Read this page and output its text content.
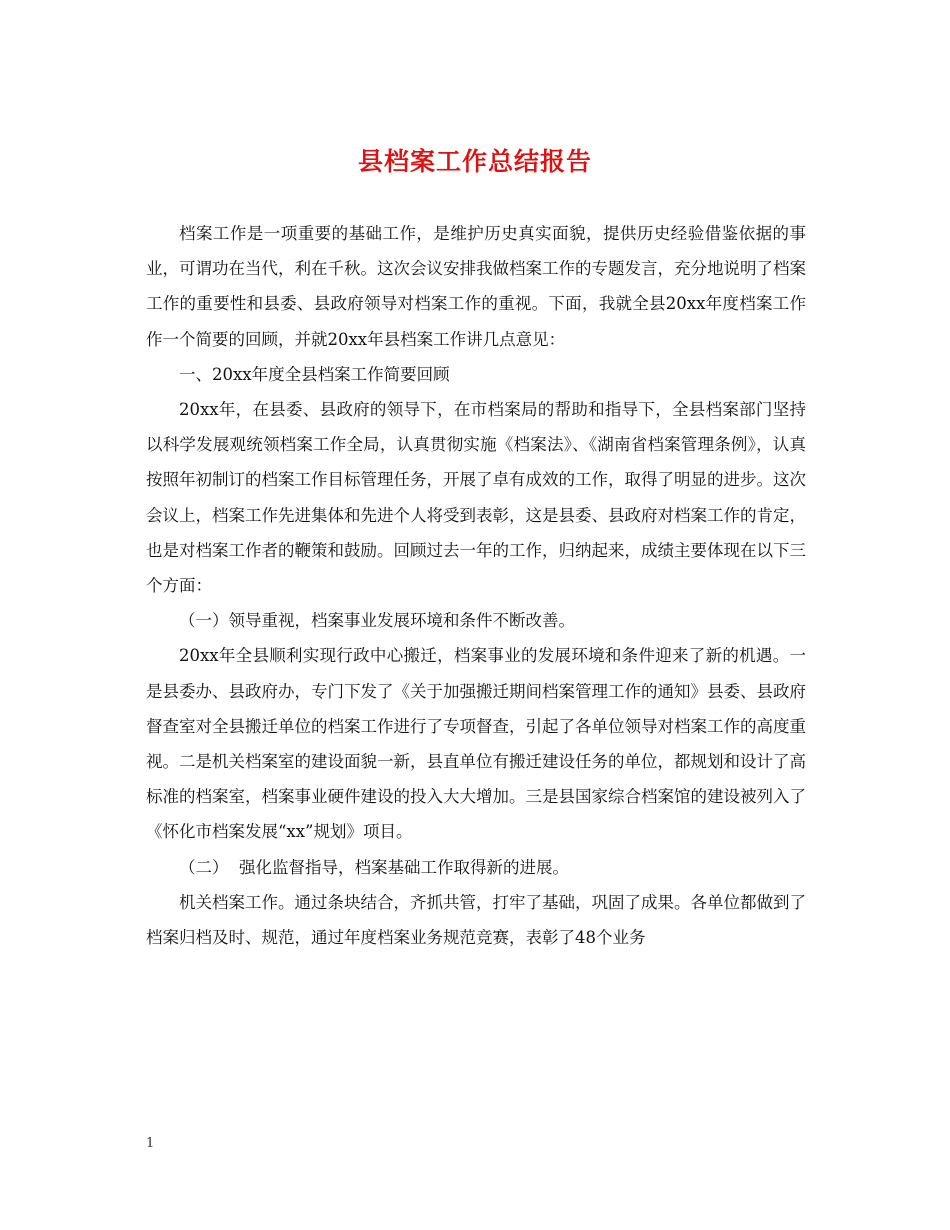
县档案工作总结报告

档案工作是一项重要的基础工作，是维护历史真实面貌，提供历史经验借鉴依据的事业，可谓功在当代，利在千秋。这次会议安排我做档案工作的专题发言，充分地说明了档案工作的重要性和县委、县政府领导对档案工作的重视。下面，我就全县20xx年度档案工作作一个简要的回顾，并就20xx年县档案工作讲几点意见：

一、20xx年度全县档案工作简要回顾

20xx年，在县委、县政府的领导下，在市档案局的帮助和指导下，全县档案部门坚持以科学发展观统领档案工作全局，认真贯彻实施《档案法》、《湖南省档案管理条例》，认真按照年初制订的档案工作目标管理任务，开展了卓有成效的工作，取得了明显的进步。这次会议上，档案工作先进集体和先进个人将受到表彰，这是县委、县政府对档案工作的肯定，也是对档案工作者的鞭策和鼓励。回顾过去一年的工作，归纳起来，成绩主要体现在以下三个方面：

（一）领导重视，档案事业发展环境和条件不断改善。

20xx年全县顺利实现行政中心搬迁，档案事业的发展环境和条件迎来了新的机遇。一是县委办、县政府办，专门下发了《关于加强搬迁期间档案管理工作的通知》县委、县政府督查室对全县搬迁单位的档案工作进行了专项督查，引起了各单位领导对档案工作的高度重视。二是机关档案室的建设面貌一新，县直单位有搬迁建设任务的单位，都规划和设计了高标准的档案室，档案事业硬件建设的投入大大增加。三是县国家综合档案馆的建设被列入了《怀化市档案发展“xx”规划》项目。

（二）  强化监督指导，档案基础工作取得新的进展。

机关档案工作。通过条块结合，齐抓共管，打牢了基础，巩固了成果。各单位都做到了档案归档及时、规范，通过年度档案业务规范竞赛，表彰了48个业务

1
